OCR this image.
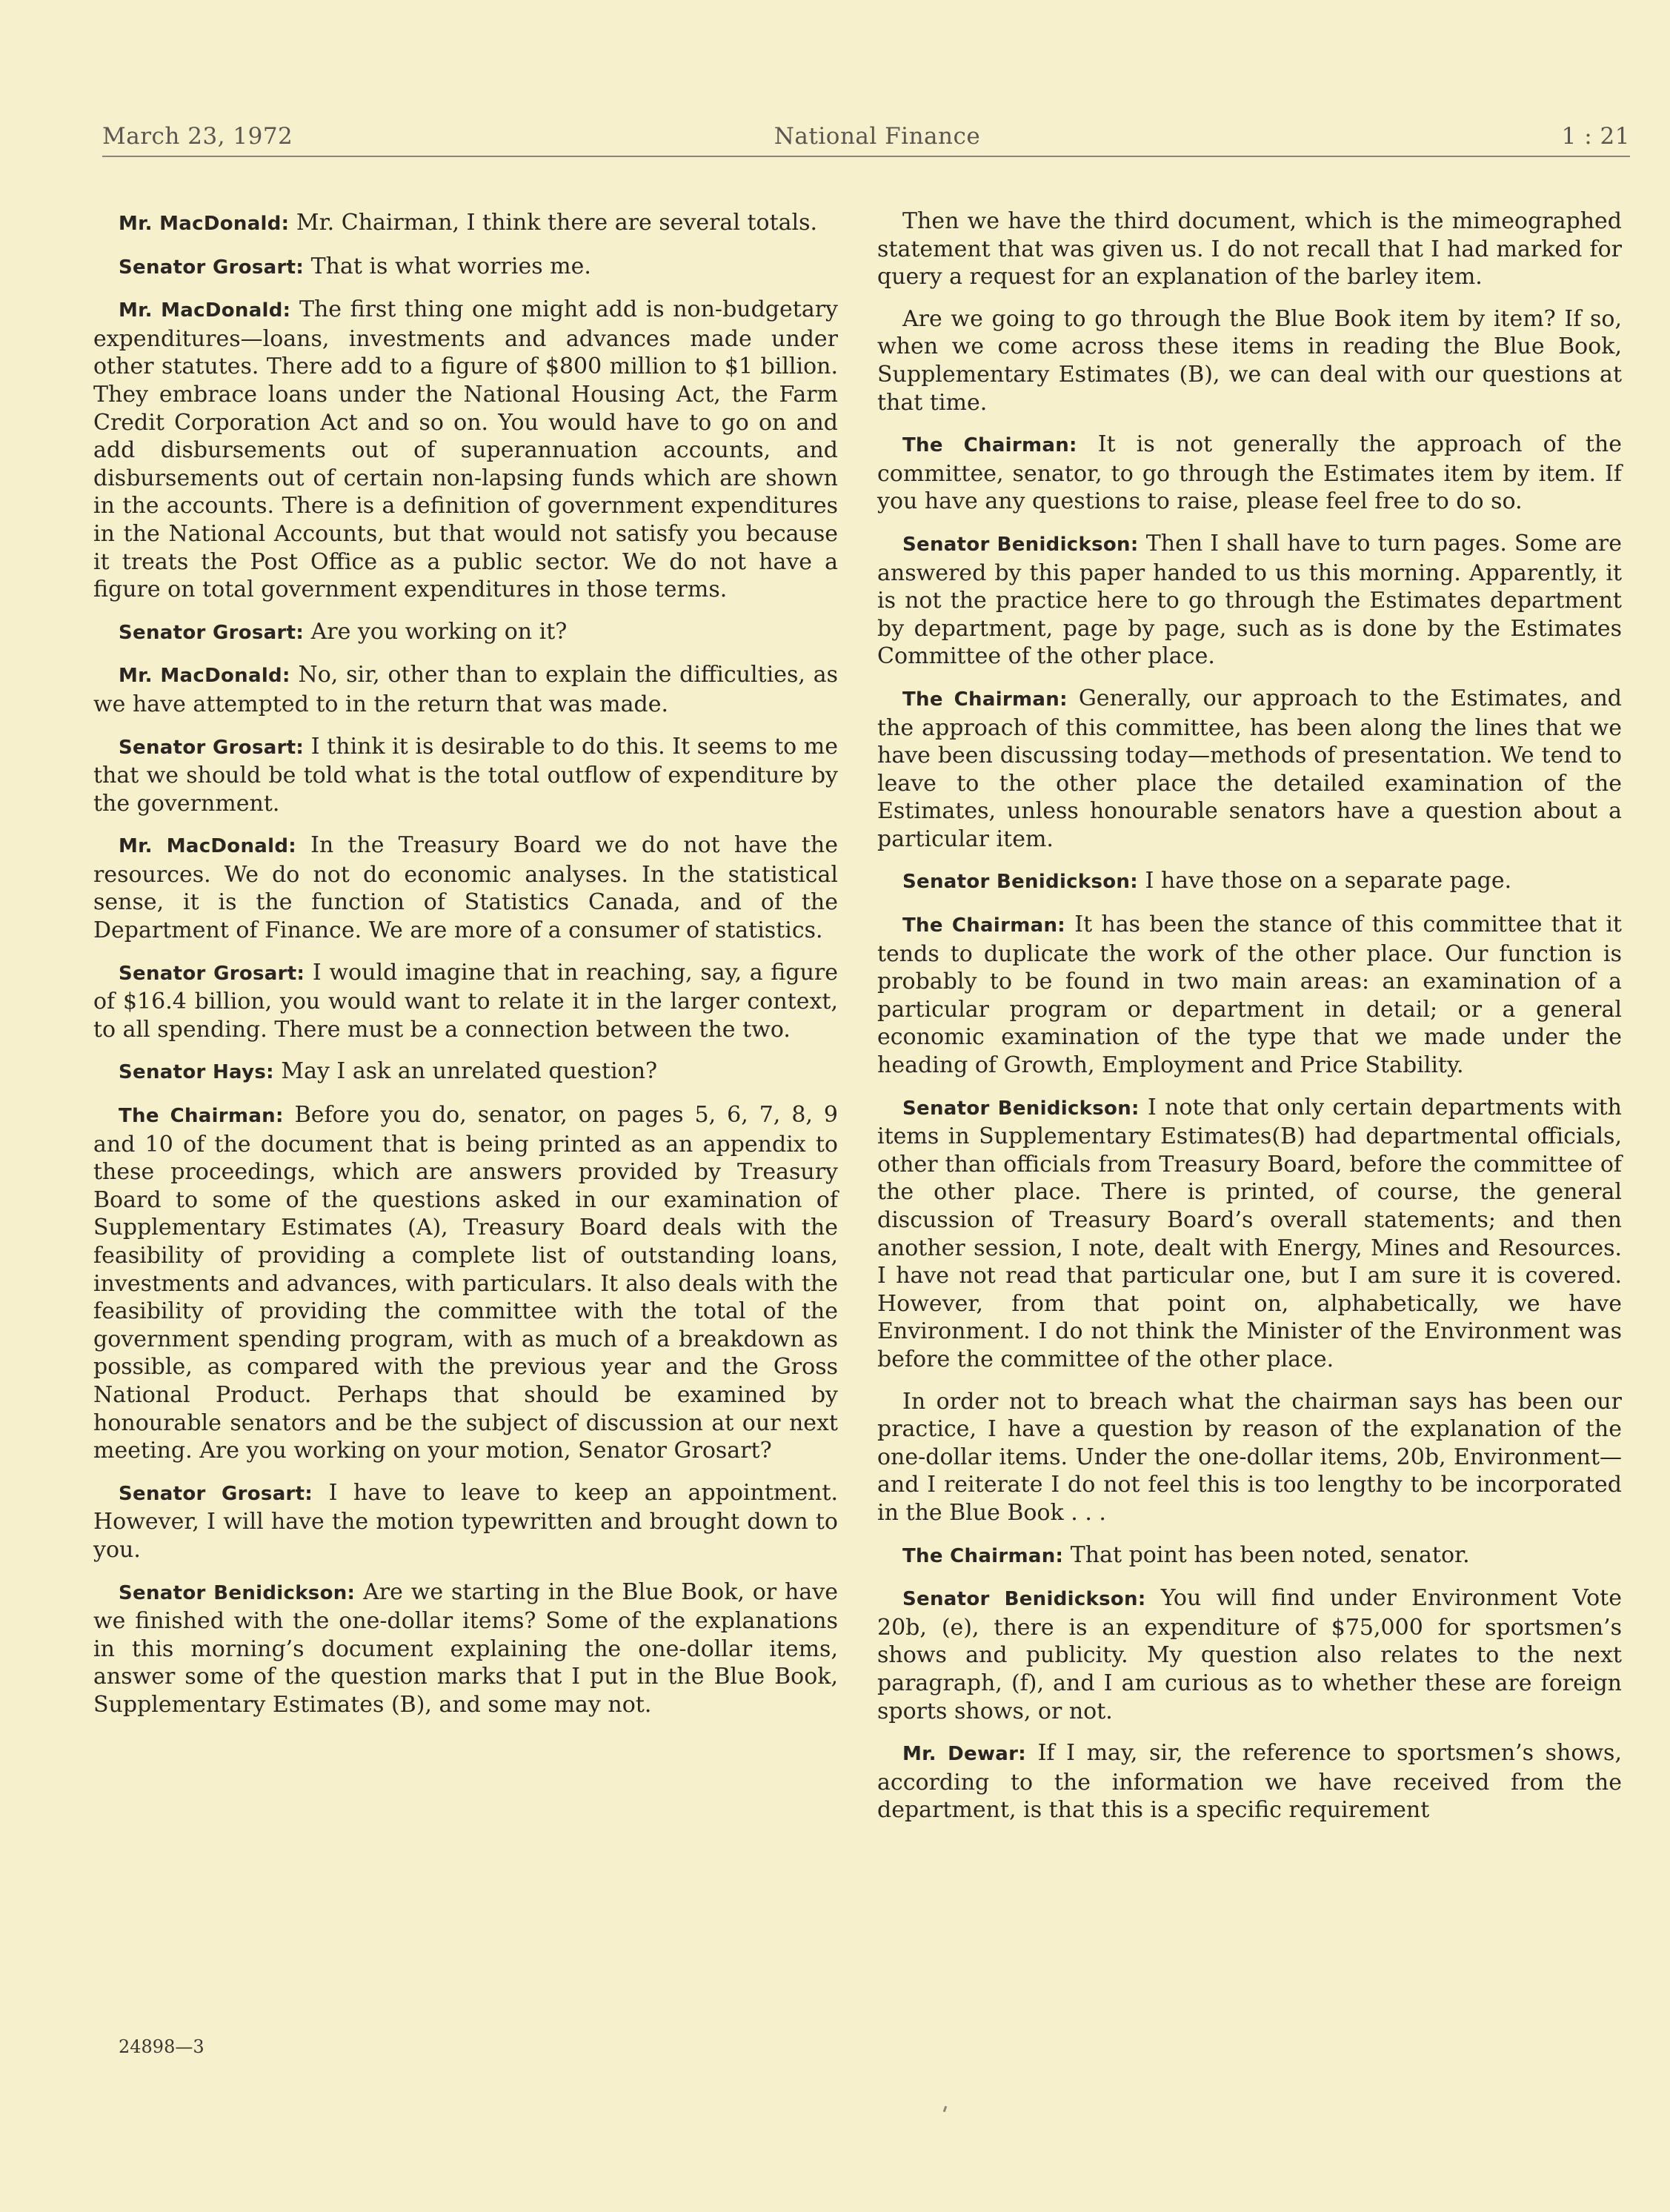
March 23, 1972	National Finance	1 : 21

Mr. MacDonald: Mr. Chairman, I think there are several totals.

Senator Grosart: That is what worries me.

Mr. MacDonald: The first thing one might add is non-budgetary expenditures—loans, investments and advances made under other statutes. There add to a figure of $800 million to $1 billion. They embrace loans under the National Housing Act, the Farm Credit Corporation Act and so on. You would have to go on and add disbursements out of superannuation accounts, and disbursements out of certain non-lapsing funds which are shown in the accounts. There is a definition of government expenditures in the National Accounts, but that would not satisfy you because it treats the Post Office as a public sector. We do not have a figure on total government expenditures in those terms.

Senator Grosart: Are you working on it?

Mr. MacDonald: No, sir, other than to explain the difficulties, as we have attempted to in the return that was made.

Senator Grosart: I think it is desirable to do this. It seems to me that we should be told what is the total outflow of expenditure by the government.

Mr. MacDonald: In the Treasury Board we do not have the resources. We do not do economic analyses. In the statistical sense, it is the function of Statistics Canada, and of the Department of Finance. We are more of a consumer of statistics.

Senator Grosart: I would imagine that in reaching, say, a figure of $16.4 billion, you would want to relate it in the larger context, to all spending. There must be a connection between the two.

Senator Hays: May I ask an unrelated question?

The Chairman: Before you do, senator, on pages 5, 6, 7, 8, 9 and 10 of the document that is being printed as an appendix to these proceedings, which are answers provided by Treasury Board to some of the questions asked in our examination of Supplementary Estimates (A), Treasury Board deals with the feasibility of providing a complete list of outstanding loans, investments and advances, with particulars. It also deals with the feasibility of providing the committee with the total of the government spending program, with as much of a breakdown as possible, as compared with the previous year and the Gross National Product. Perhaps that should be examined by honourable senators and be the subject of discussion at our next meeting. Are you working on your motion, Senator Grosart?

Senator Grosart: I have to leave to keep an appointment. However, I will have the motion typewritten and brought down to you.

Senator Benidickson: Are we starting in the Blue Book, or have we finished with the one-dollar items? Some of the explanations in this morning’s document explaining the one-dollar items, answer some of the question marks that I put in the Blue Book, Supplementary Estimates (B), and some may not.

Then we have the third document, which is the mimeographed statement that was given us. I do not recall that I had marked for query a request for an explanation of the barley item.

Are we going to go through the Blue Book item by item? If so, when we come across these items in reading the Blue Book, Supplementary Estimates (B), we can deal with our questions at that time.

The Chairman: It is not generally the approach of the committee, senator, to go through the Estimates item by item. If you have any questions to raise, please feel free to do so.

Senator Benidickson: Then I shall have to turn pages. Some are answered by this paper handed to us this morning. Apparently, it is not the practice here to go through the Estimates department by department, page by page, such as is done by the Estimates Committee of the other place.

The Chairman: Generally, our approach to the Estimates, and the approach of this committee, has been along the lines that we have been discussing today—methods of presentation. We tend to leave to the other place the detailed examination of the Estimates, unless honourable senators have a question about a particular item.

Senator Benidickson: I have those on a separate page.

The Chairman: It has been the stance of this committee that it tends to duplicate the work of the other place. Our function is probably to be found in two main areas: an examination of a particular program or department in detail; or a general economic examination of the type that we made under the heading of Growth, Employment and Price Stability.

Senator Benidickson: I note that only certain departments with items in Supplementary Estimates(B) had departmental officials, other than officials from Treasury Board, before the committee of the other place. There is printed, of course, the general discussion of Treasury Board’s overall statements; and then another session, I note, dealt with Energy, Mines and Resources. I have not read that particular one, but I am sure it is covered. However, from that point on, alphabetically, we have Environment. I do not think the Minister of the Environment was before the committee of the other place.

In order not to breach what the chairman says has been our practice, I have a question by reason of the explanation of the one-dollar items. Under the one-dollar items, 20b, Environment—and I reiterate I do not feel this is too lengthy to be incorporated in the Blue Book . . .

The Chairman: That point has been noted, senator.

Senator Benidickson: You will find under Environment Vote 20b, (e), there is an expenditure of $75,000 for sportsmen’s shows and publicity. My question also relates to the next paragraph, (f), and I am curious as to whether these are foreign sports shows, or not.

Mr. Dewar: If I may, sir, the reference to sportsmen’s shows, according to the information we have received from the department, is that this is a specific requirement

24898—3
